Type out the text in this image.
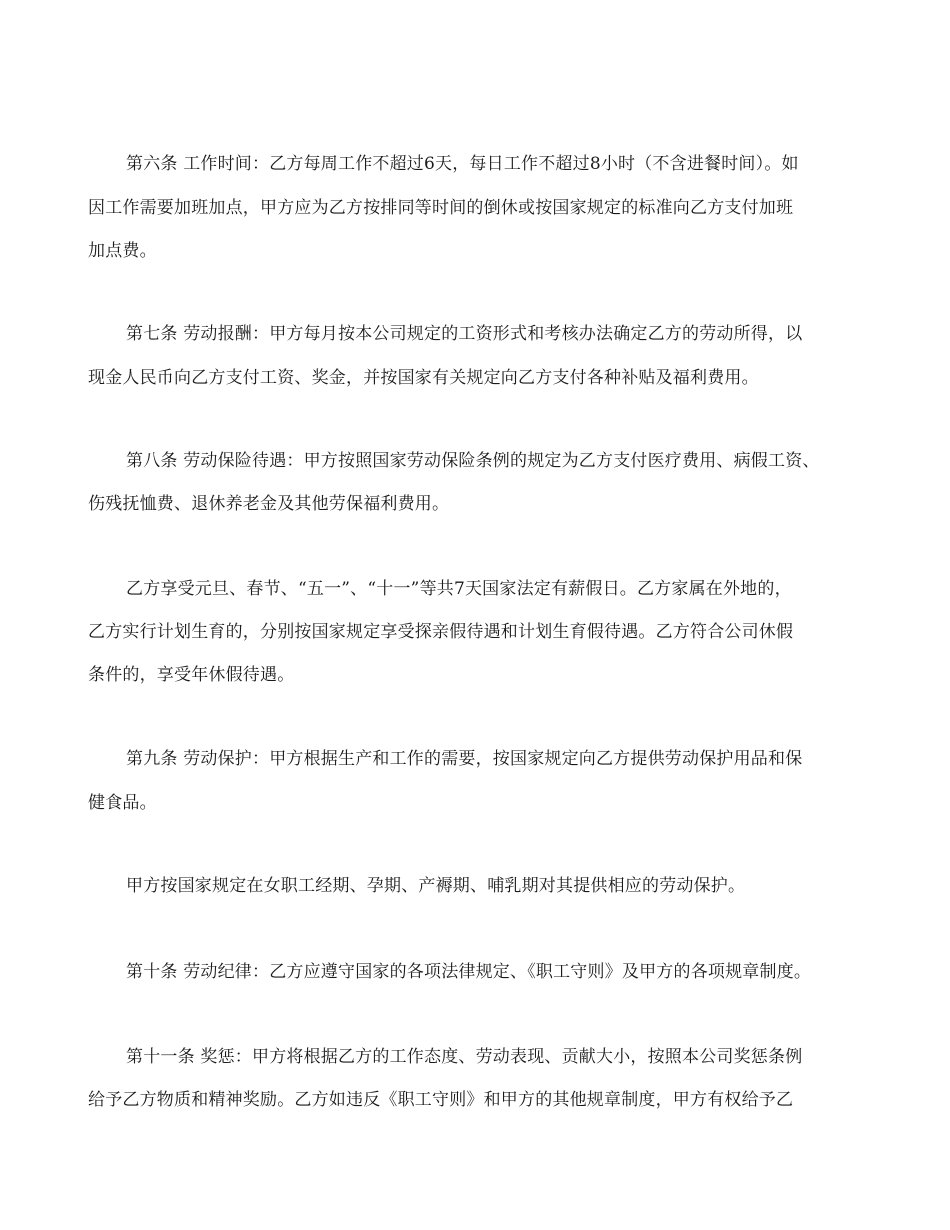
第六条 工作时间：乙方每周工作不超过6天，每日工作不超过8小时（不含进餐时间）。如
因工作需要加班加点，甲方应为乙方按排同等时间的倒休或按国家规定的标准向乙方支付加班
加点费。
第七条 劳动报酬：甲方每月按本公司规定的工资形式和考核办法确定乙方的劳动所得，以
现金人民币向乙方支付工资、奖金，并按国家有关规定向乙方支付各种补贴及福利费用。
第八条 劳动保险待遇：甲方按照国家劳动保险条例的规定为乙方支付医疗费用、病假工资、
伤残抚恤费、退休养老金及其他劳保福利费用。
乙方享受元旦、春节、“五一”、“十一”等共7天国家法定有薪假日。乙方家属在外地的，
乙方实行计划生育的，分别按国家规定享受探亲假待遇和计划生育假待遇。乙方符合公司休假
条件的，享受年休假待遇。
第九条 劳动保护：甲方根据生产和工作的需要，按国家规定向乙方提供劳动保护用品和保
健食品。
甲方按国家规定在女职工经期、孕期、产褥期、哺乳期对其提供相应的劳动保护。
第十条 劳动纪律：乙方应遵守国家的各项法律规定、《职工守则》及甲方的各项规章制度。
第十一条 奖惩：甲方将根据乙方的工作态度、劳动表现、贡献大小，按照本公司奖惩条例
给予乙方物质和精神奖励。乙方如违反《职工守则》和甲方的其他规章制度，甲方有权给予乙
